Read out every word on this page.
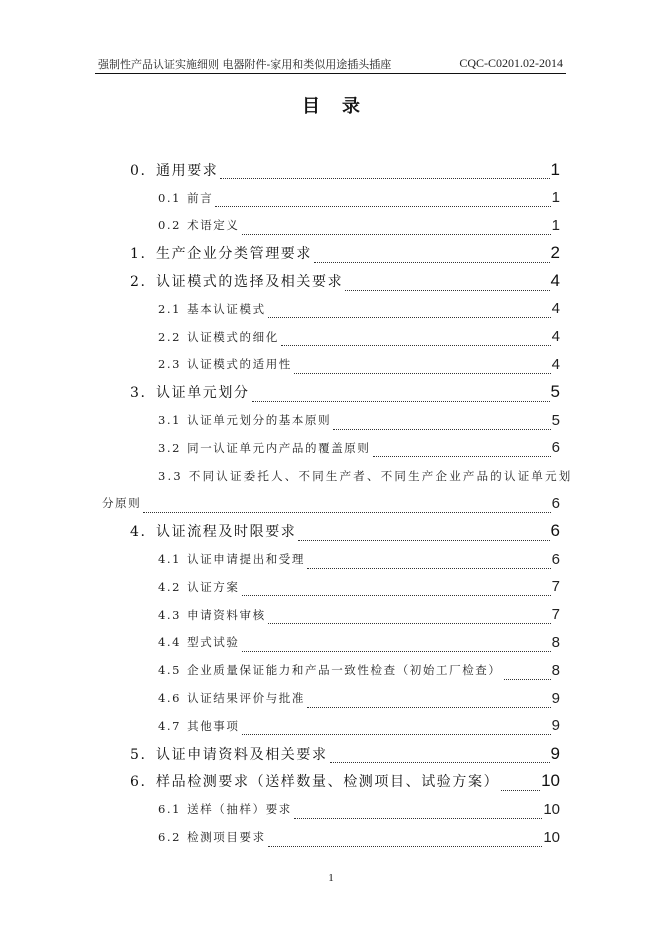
强制性产品认证实施细则 电器附件-家用和类似用途插头插座	CQC-C0201.02-2014
目录
0. 通用要求	1
0.1 前言	1
0.2 术语定义	1
1. 生产企业分类管理要求	2
2. 认证模式的选择及相关要求	4
2.1 基本认证模式	4
2.2 认证模式的细化	4
2.3 认证模式的适用性	4
3. 认证单元划分	5
3.1 认证单元划分的基本原则	5
3.2 同一认证单元内产品的覆盖原则	6
3.3 不同认证委托人、不同生产者、不同生产企业产品的认证单元划
分原则	6
4. 认证流程及时限要求	6
4.1 认证申请提出和受理	6
4.2 认证方案	7
4.3 申请资料审核	7
4.4 型式试验	8
4.5 企业质量保证能力和产品一致性检查（初始工厂检查）	8
4.6 认证结果评价与批准	9
4.7 其他事项	9
5. 认证申请资料及相关要求	9
6. 样品检测要求（送样数量、检测项目、试验方案） 10
6.1 送样（抽样）要求	10
6.2 检测项目要求	10
1
